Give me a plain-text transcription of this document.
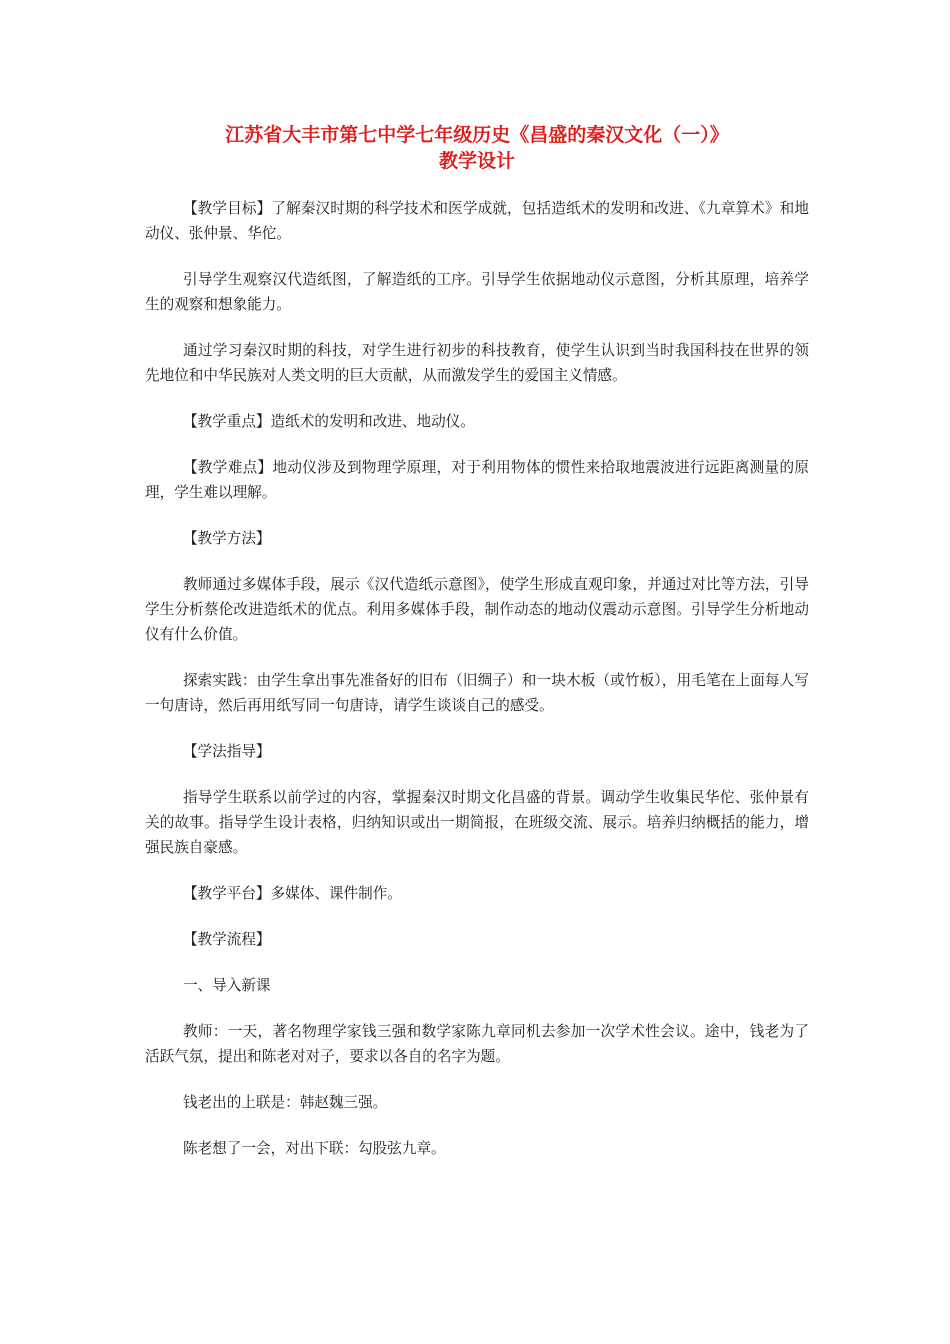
江苏省大丰市第七中学七年级历史《昌盛的秦汉文化（一）》
教学设计

【教学目标】了解秦汉时期的科学技术和医学成就，包括造纸术的发明和改进、《九章算术》和地动仪、张仲景、华佗。

引导学生观察汉代造纸图，了解造纸的工序。引导学生依据地动仪示意图，分析其原理，培养学生的观察和想象能力。

通过学习秦汉时期的科技，对学生进行初步的科技教育，使学生认识到当时我国科技在世界的领先地位和中华民族对人类文明的巨大贡献，从而激发学生的爱国主义情感。

【教学重点】造纸术的发明和改进、地动仪。

【教学难点】地动仪涉及到物理学原理，对于利用物体的惯性来拾取地震波进行远距离测量的原理，学生难以理解。

【教学方法】

教师通过多媒体手段，展示《汉代造纸示意图》，使学生形成直观印象，并通过对比等方法，引导学生分析蔡伦改进造纸术的优点。利用多媒体手段，制作动态的地动仪震动示意图。引导学生分析地动仪有什么价值。

探索实践：由学生拿出事先准备好的旧布（旧绸子）和一块木板（或竹板），用毛笔在上面每人写一句唐诗，然后再用纸写同一句唐诗，请学生谈谈自己的感受。

【学法指导】

指导学生联系以前学过的内容，掌握秦汉时期文化昌盛的背景。调动学生收集民华佗、张仲景有关的故事。指导学生设计表格，归纳知识或出一期简报，在班级交流、展示。培养归纳概括的能力，增强民族自豪感。

【教学平台】多媒体、课件制作。

【教学流程】

一、导入新课

教师：一天，著名物理学家钱三强和数学家陈九章同机去参加一次学术性会议。途中，钱老为了活跃气氛，提出和陈老对对子，要求以各自的名字为题。

钱老出的上联是：韩赵魏三强。

陈老想了一会，对出下联：勾股弦九章。
